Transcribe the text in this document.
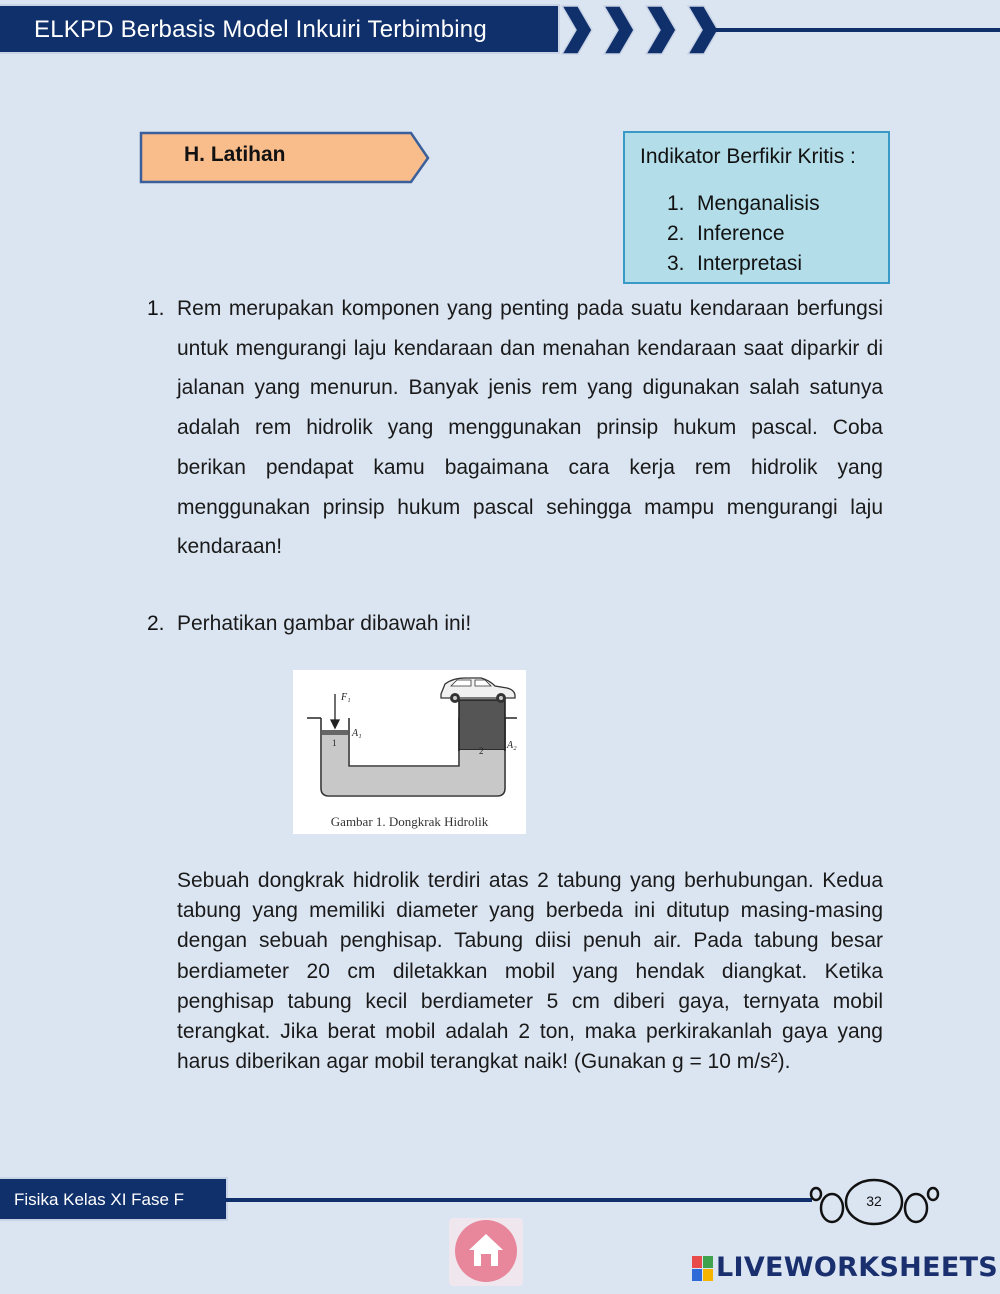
ELKPD Berbasis Model Inkuiri Terbimbing
H. Latihan	Indikator Berfikir Kritis :
1. Menganalisis
2. Inference
3. Interpretasi
1. Rem merupakan komponen yang penting pada suatu kendaraan berfungsi untuk mengurangi laju kendaraan dan menahan kendaraan saat diparkir di jalanan yang menurun. Banyak jenis rem yang digunakan salah satunya adalah rem hidrolik yang menggunakan prinsip hukum pascal. Coba berikan pendapat kamu bagaimana cara kerja rem hidrolik yang menggunakan prinsip hukum pascal sehingga mampu mengurangi laju kendaraan!
2. Perhatikan gambar dibawah ini!
F₁
A₁
1
2 A₂
Gambar 1. Dongkrak Hidrolik
Sebuah dongkrak hidrolik terdiri atas 2 tabung yang berhubungan. Kedua tabung yang memiliki diameter yang berbeda ini ditutup masing-masing dengan sebuah penghisap. Tabung diisi penuh air. Pada tabung besar berdiameter 20 cm diletakkan mobil yang hendak diangkat. Ketika penghisap tabung kecil berdiameter 5 cm diberi gaya, ternyata mobil terangkat. Jika berat mobil adalah 2 ton, maka perkirakanlah gaya yang harus diberikan agar mobil terangkat naik! (Gunakan g = 10 m/s²).
Fisika Kelas XI Fase F	32
LIVEWORKSHEETS
